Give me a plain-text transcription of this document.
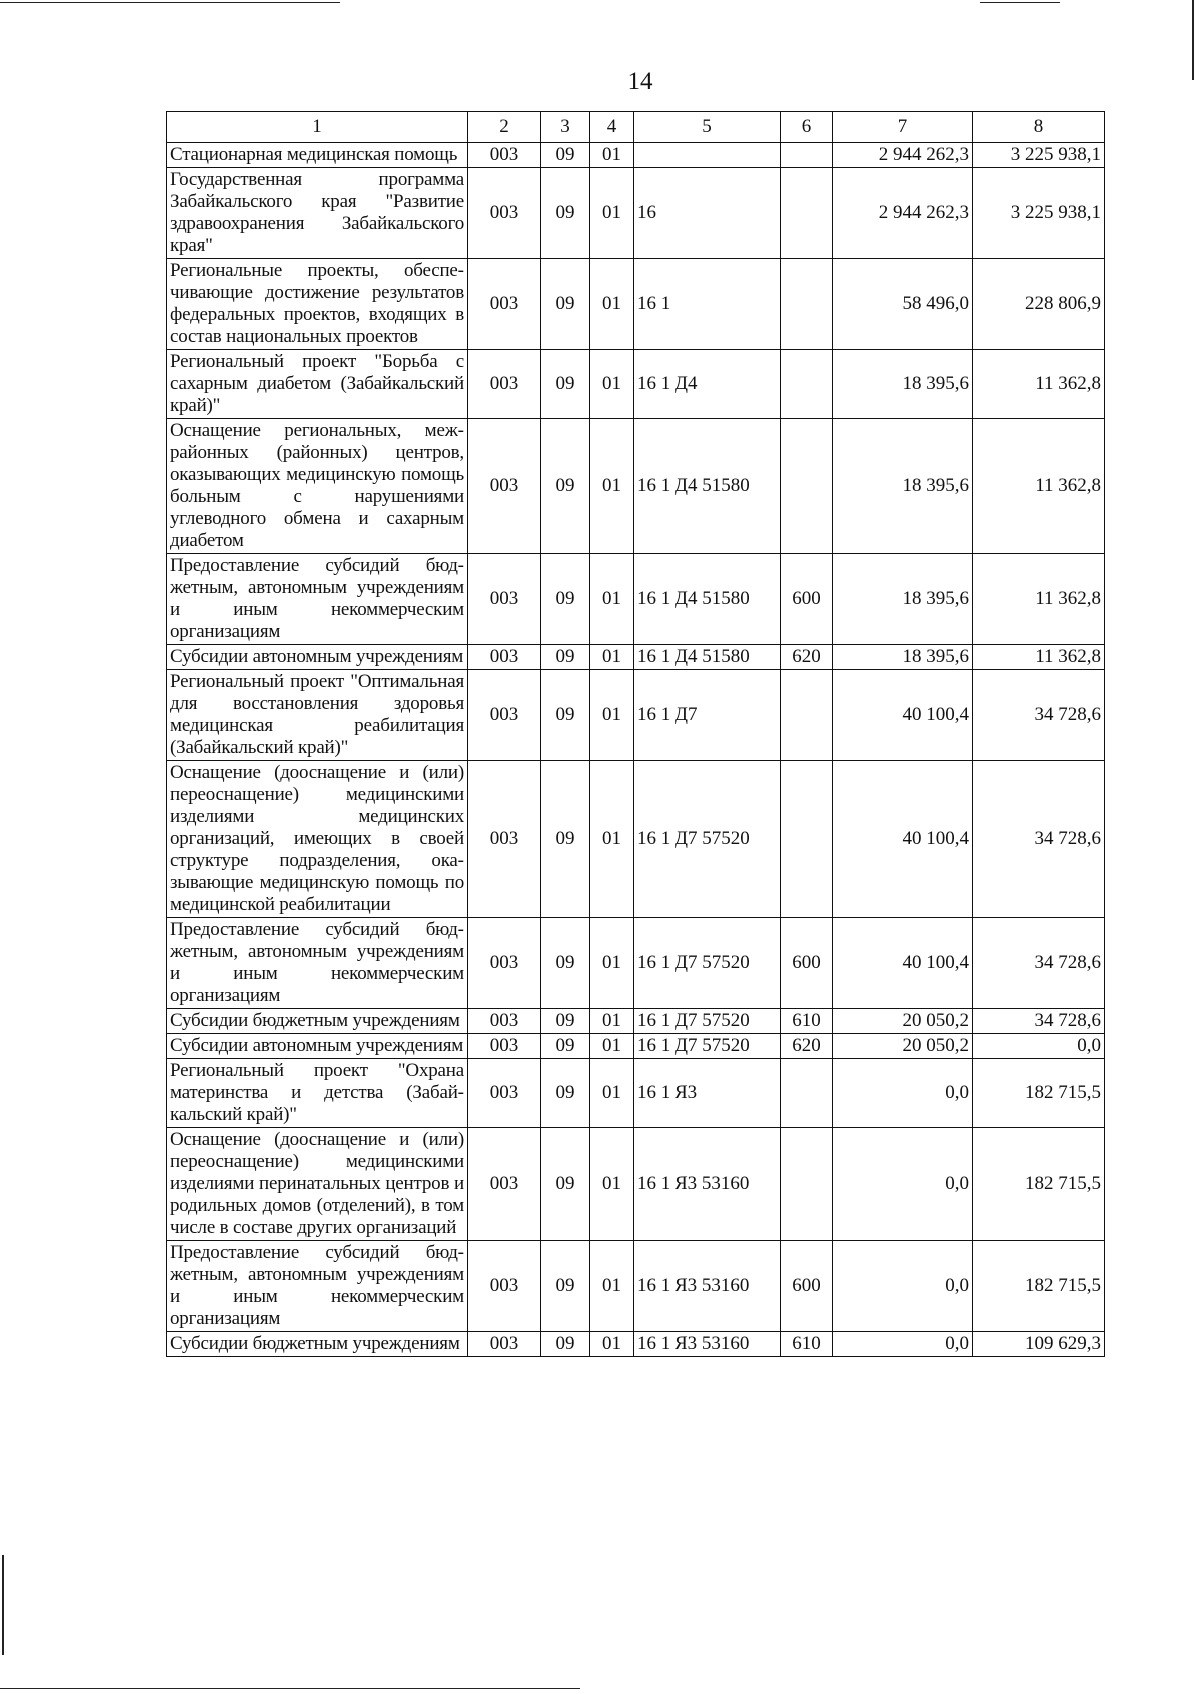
14
1	2	3	4	5	6	7	8
Стационарная медицинская помощь	003	09	01			2 944 262,3	3 225 938,1
Государственная программа Забайкальского края "Развитие здравоохранения Забайкальского края"	003	09	01	16		2 944 262,3	3 225 938,1
Региональные проекты, обеспечивающие достижение результатов федеральных проектов, входящих в состав национальных проектов	003	09	01	16 1		58 496,0	228 806,9
Региональный проект "Борьба с сахарным диабетом (Забайкальский край)"	003	09	01	16 1 Д4		18 395,6	11 362,8
Оснащение региональных, межрайонных (районных) центров, оказывающих медицинскую помощь больным с нарушениями углеводного обмена и сахарным диабетом	003	09	01	16 1 Д4 51580		18 395,6	11 362,8
Предоставление субсидий бюджетным, автономным учреждениям и иным некоммерческим организациям	003	09	01	16 1 Д4 51580	600	18 395,6	11 362,8
Субсидии автономным учреждениям	003	09	01	16 1 Д4 51580	620	18 395,6	11 362,8
Региональный проект "Оптимальная для восстановления здоровья медицинская реабилитация (Забайкальский край)"	003	09	01	16 1 Д7		40 100,4	34 728,6
Оснащение (дооснащение и (или) переоснащение) медицинскими изделиями медицинских организаций, имеющих в своей структуре подразделения, оказывающие медицинскую помощь по медицинской реабилитации	003	09	01	16 1 Д7 57520		40 100,4	34 728,6
Предоставление субсидий бюджетным, автономным учреждениям и иным некоммерческим организациям	003	09	01	16 1 Д7 57520	600	40 100,4	34 728,6
Субсидии бюджетным учреждениям	003	09	01	16 1 Д7 57520	610	20 050,2	34 728,6
Субсидии автономным учреждениям	003	09	01	16 1 Д7 57520	620	20 050,2	0,0
Региональный проект "Охрана материнства и детства (Забайкальский край)"	003	09	01	16 1 Я3		0,0	182 715,5
Оснащение (дооснащение и (или) переоснащение) медицинскими изделиями перинатальных центров и родильных домов (отделений), в том числе в составе других организаций	003	09	01	16 1 Я3 53160		0,0	182 715,5
Предоставление субсидий бюджетным, автономным учреждениям и иным некоммерческим организациям	003	09	01	16 1 Я3 53160	600	0,0	182 715,5
Субсидии бюджетным учреждениям	003	09	01	16 1 Я3 53160	610	0,0	109 629,3
